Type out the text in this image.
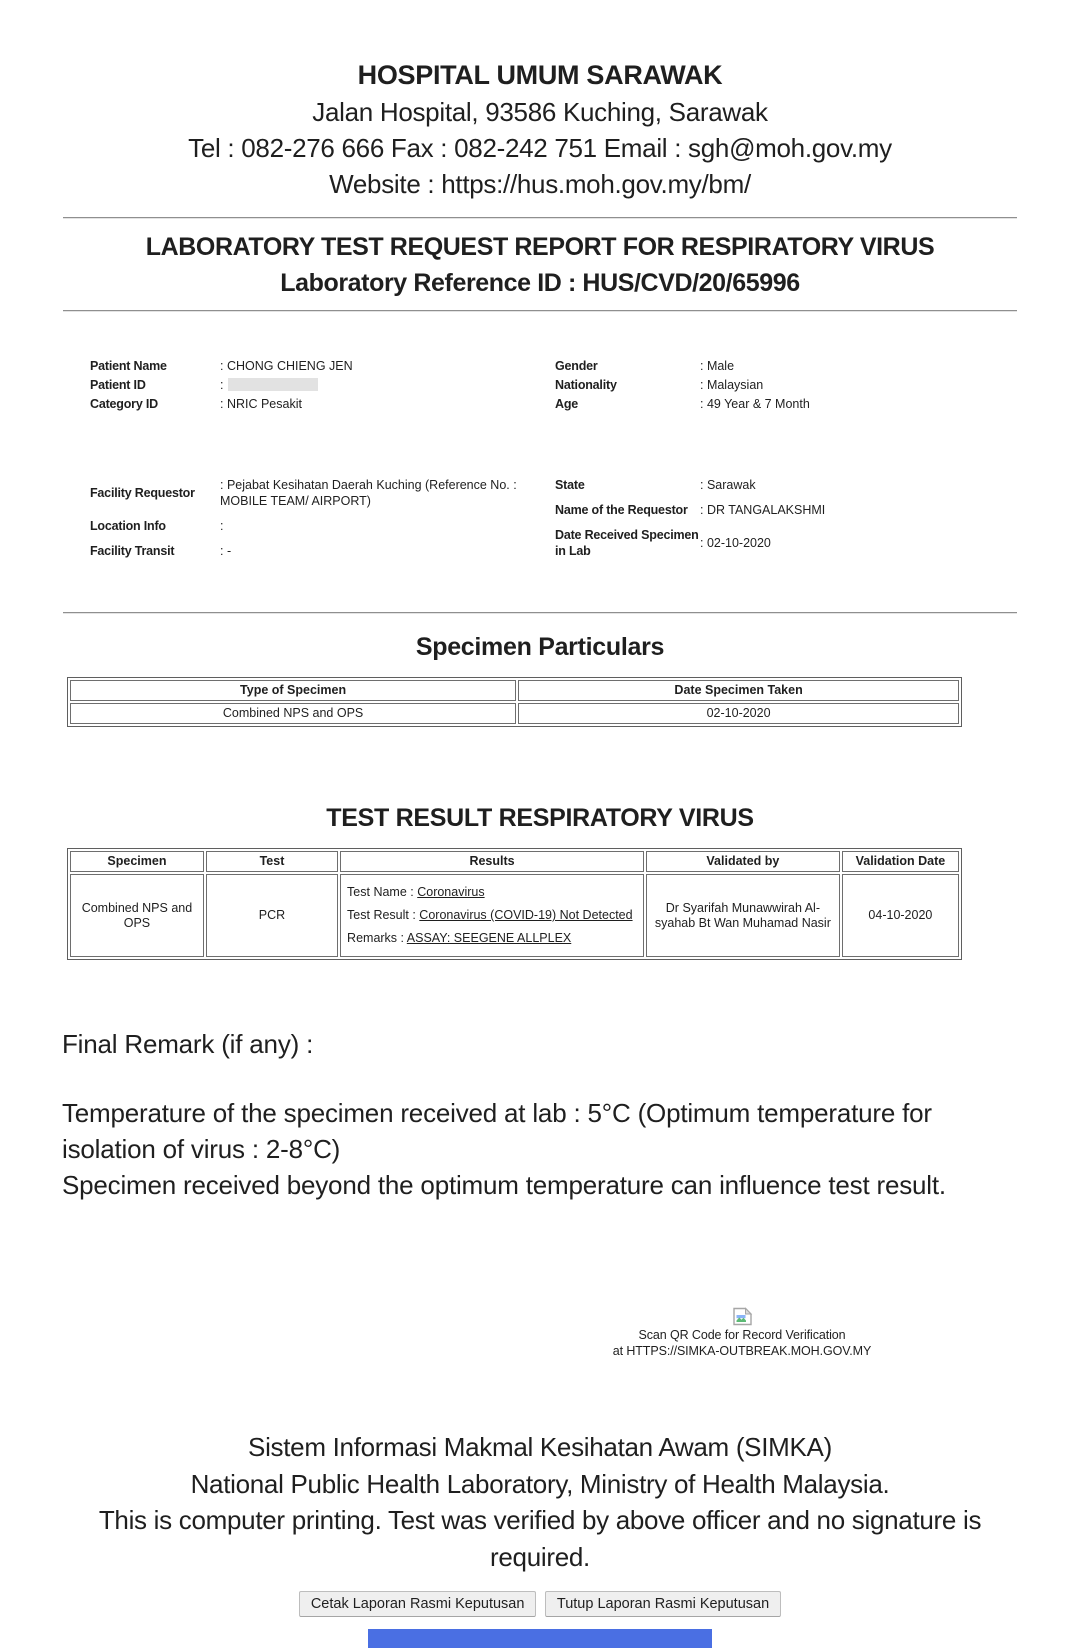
HOSPITAL UMUM SARAWAK
Jalan Hospital, 93586 Kuching, Sarawak
Tel : 082-276 666 Fax : 082-242 751 Email : sgh@moh.gov.my
Website : https://hus.moh.gov.my/bm/
LABORATORY TEST REQUEST REPORT FOR RESPIRATORY VIRUS
Laboratory Reference ID : HUS/CVD/20/65996
Patient Name	: CHONG CHIENG JEN
Patient ID	:
Category ID	: NRIC Pesakit
Gender	: Male
Nationality	: Malaysian
Age	: 49 Year & 7 Month
Facility Requestor
: Pejabat Kesihatan Daerah Kuching (Reference No. : MOBILE TEAM/ AIRPORT)
Location Info	:
Facility Transit	: -
State	: Sarawak
Name of the Requestor : DR TANGALAKSHMI
Date Received Specimen in Lab
: 02-10-2020
Specimen Particulars
Type of Specimen	Date Specimen Taken
Combined NPS and OPS	02-10-2020
TEST RESULT RESPIRATORY VIRUS
Specimen	Test	Results	Validated by	Validation Date
Combined NPS and OPS	PCR	Test Name : Coronavirus

Test Result : Coronavirus (COVID-19) Not Detected

Remarks : ASSAY: SEEGENE ALLPLEX	Dr Syarifah Munawwirah Al-syahab Bt Wan Muhamad Nasir	04-10-2020
Final Remark (if any) :
Temperature of the specimen received at lab : 5°C (Optimum temperature for isolation of virus : 2-8°C)
Specimen received beyond the optimum temperature can influence test result.
Scan QR Code for Record Verification
at HTTPS://SIMKA-OUTBREAK.MOH.GOV.MY
Sistem Informasi Makmal Kesihatan Awam (SIMKA)
National Public Health Laboratory, Ministry of Health Malaysia.
This is computer printing. Test was verified by above officer and no signature is required.
Cetak Laporan Rasmi Keputusan Tutup Laporan Rasmi Keputusan
